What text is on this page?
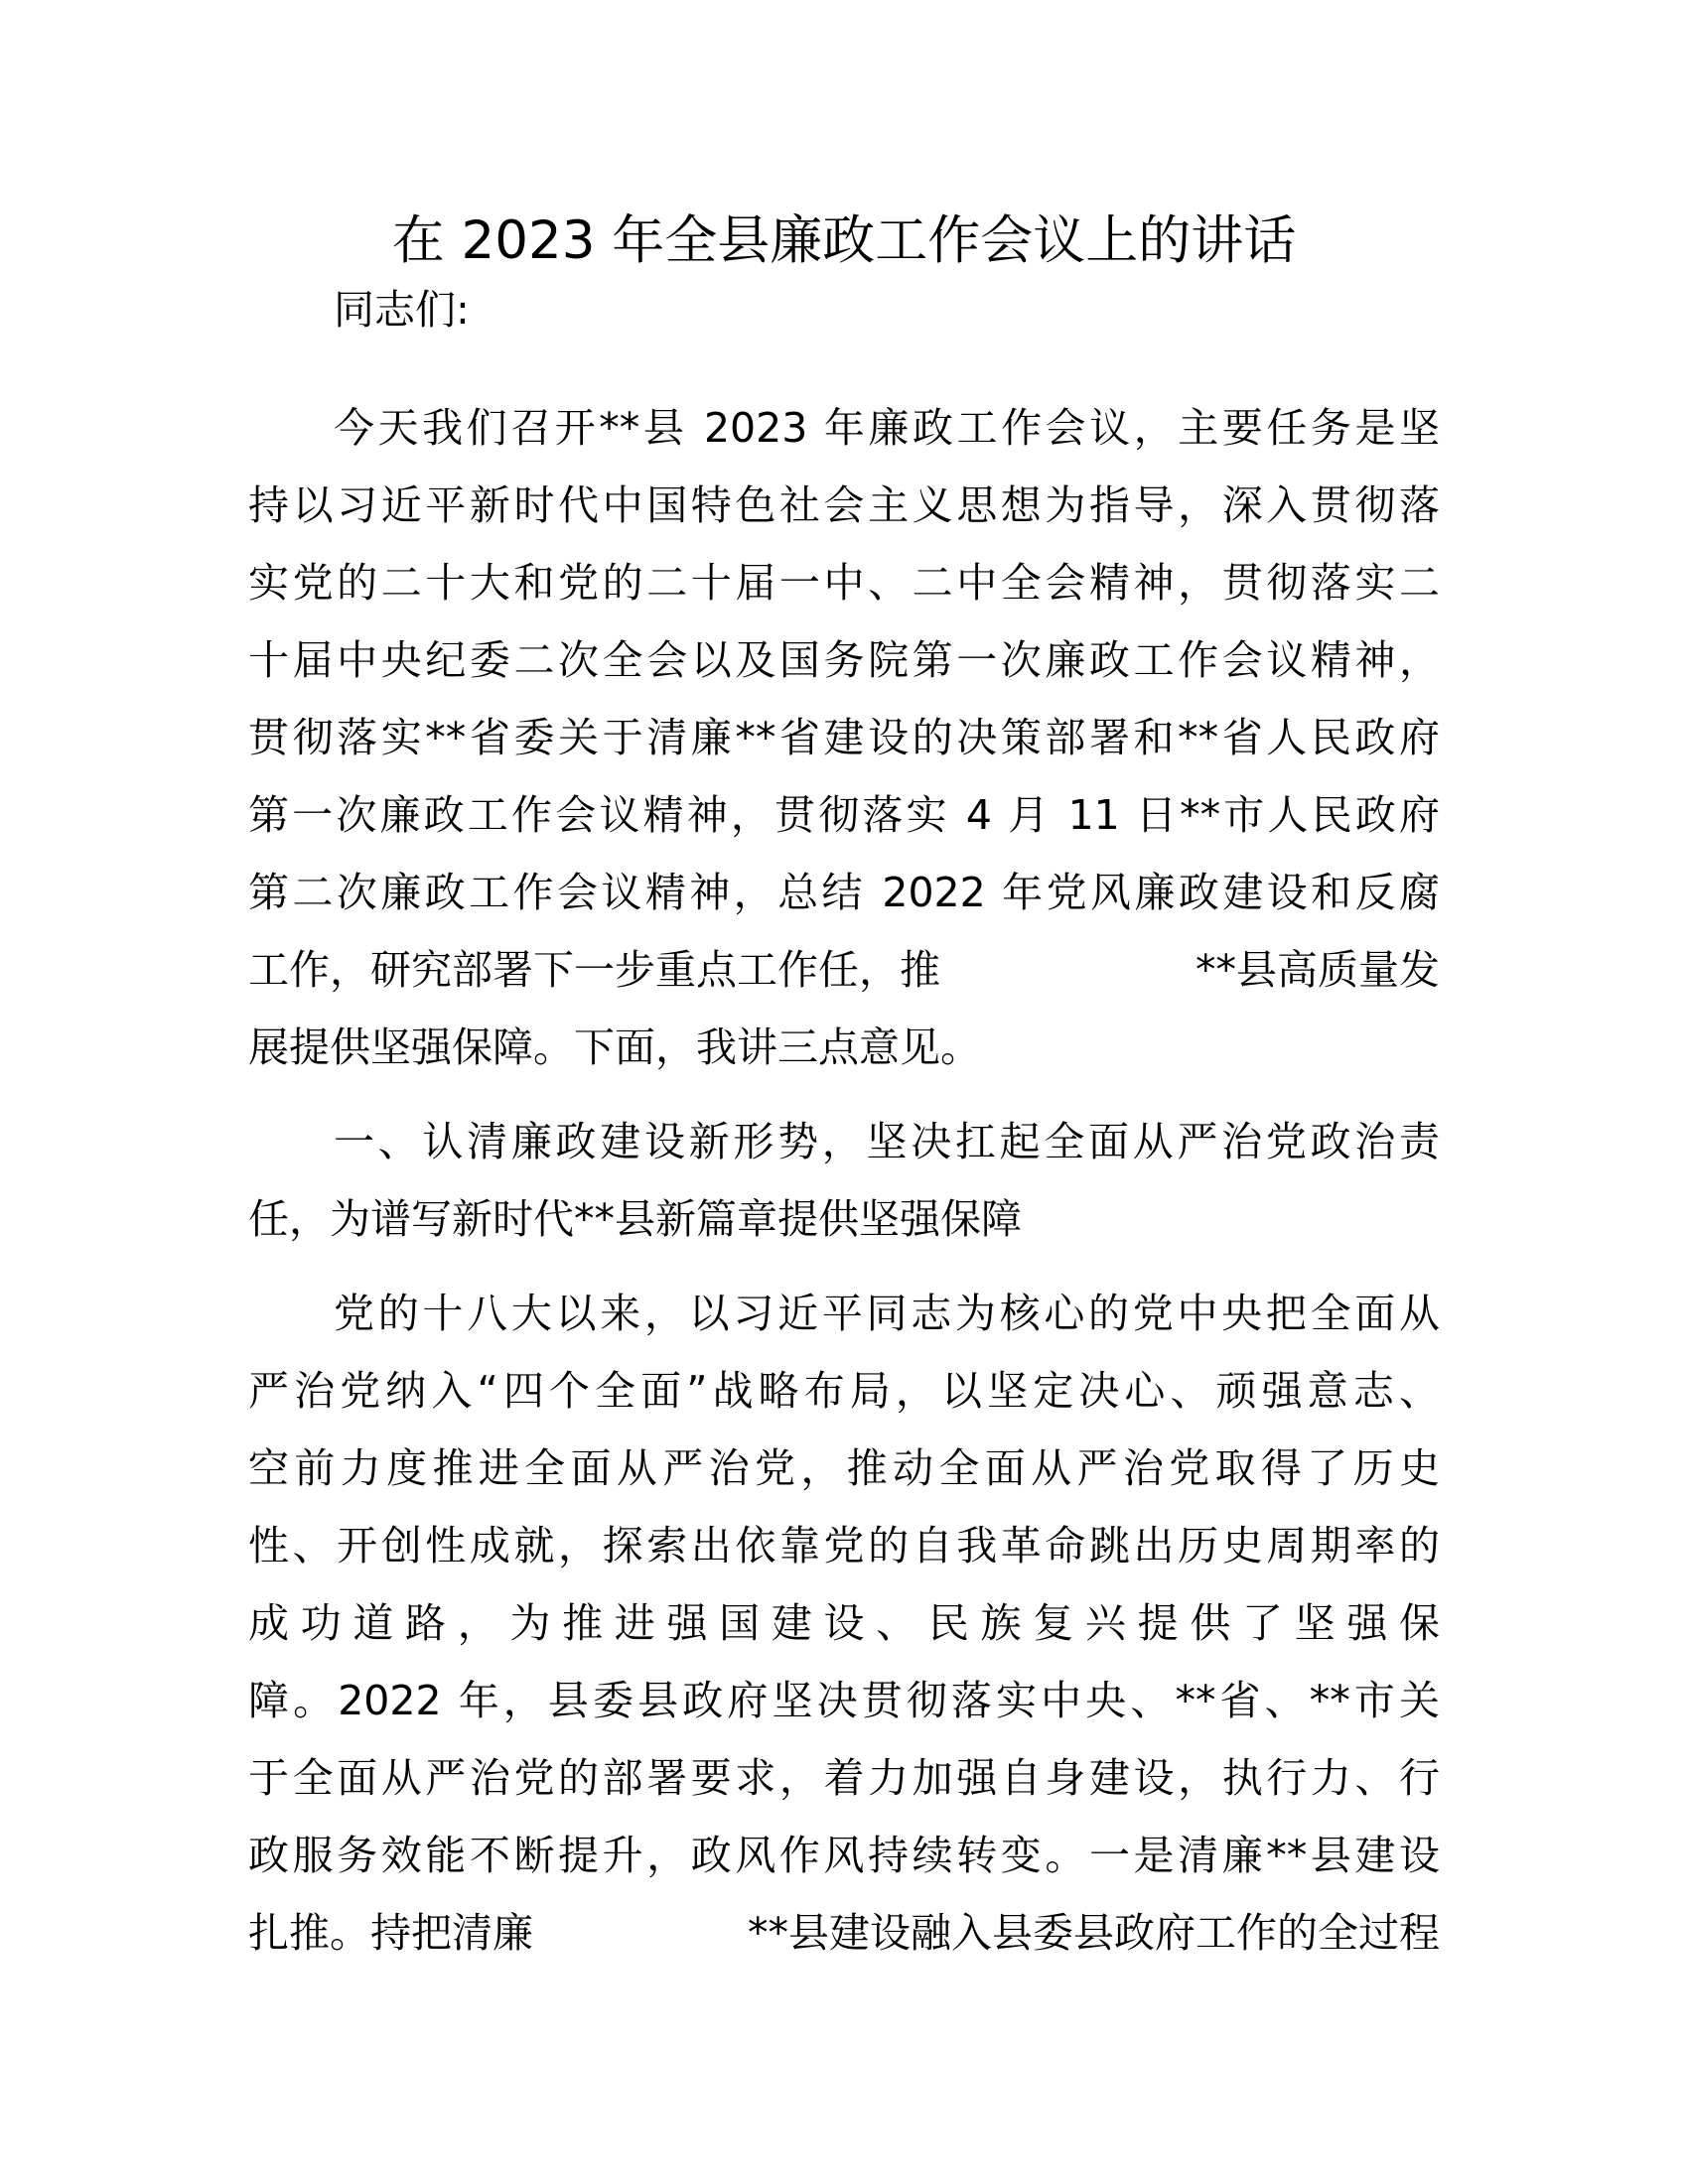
在 2023 年全县廉政工作会议上的讲话
同志们:
今天我们召开**县 2023 年廉政工作会议，主要任务是坚
持以习近平新时代中国特色社会主义思想为指导，深入贯彻落
实党的二十大和党的二十届一中、二中全会精神，贯彻落实二
十届中央纪委二次全会以及国务院第一次廉政工作会议精神，
贯彻落实**省委关于清廉**省建设的决策部署和**省人民政府
第一次廉政工作会议精神，贯彻落实 4 月 11 日**市人民政府
第二次廉政工作会议精神，总结 2022 年党风廉政建设和反腐
工作，研究部署下一步重点工作任，推	**县高质量发
展提供坚强保障。下面，我讲三点意见。
一、认清廉政建设新形势，坚决扛起全面从严治党政治责
任，为谱写新时代**县新篇章提供坚强保障
党的十八大以来，以习近平同志为核心的党中央把全面从
严治党纳入“四个全面”战略布局，以坚定决心、顽强意志、
空前力度推进全面从严治党，推动全面从严治党取得了历史
性、开创性成就，探索出依靠党的自我革命跳出历史周期率的
成功道路，为推进强国建设、民族复兴提供了坚强保
障。2022 年，县委县政府坚决贯彻落实中央、**省、**市关
于全面从严治党的部署要求，着力加强自身建设，执行力、行
政服务效能不断提升，政风作风持续转变。一是清廉**县建设
扎推。持把清廉	**县建设融入县委县政府工作的全过程
